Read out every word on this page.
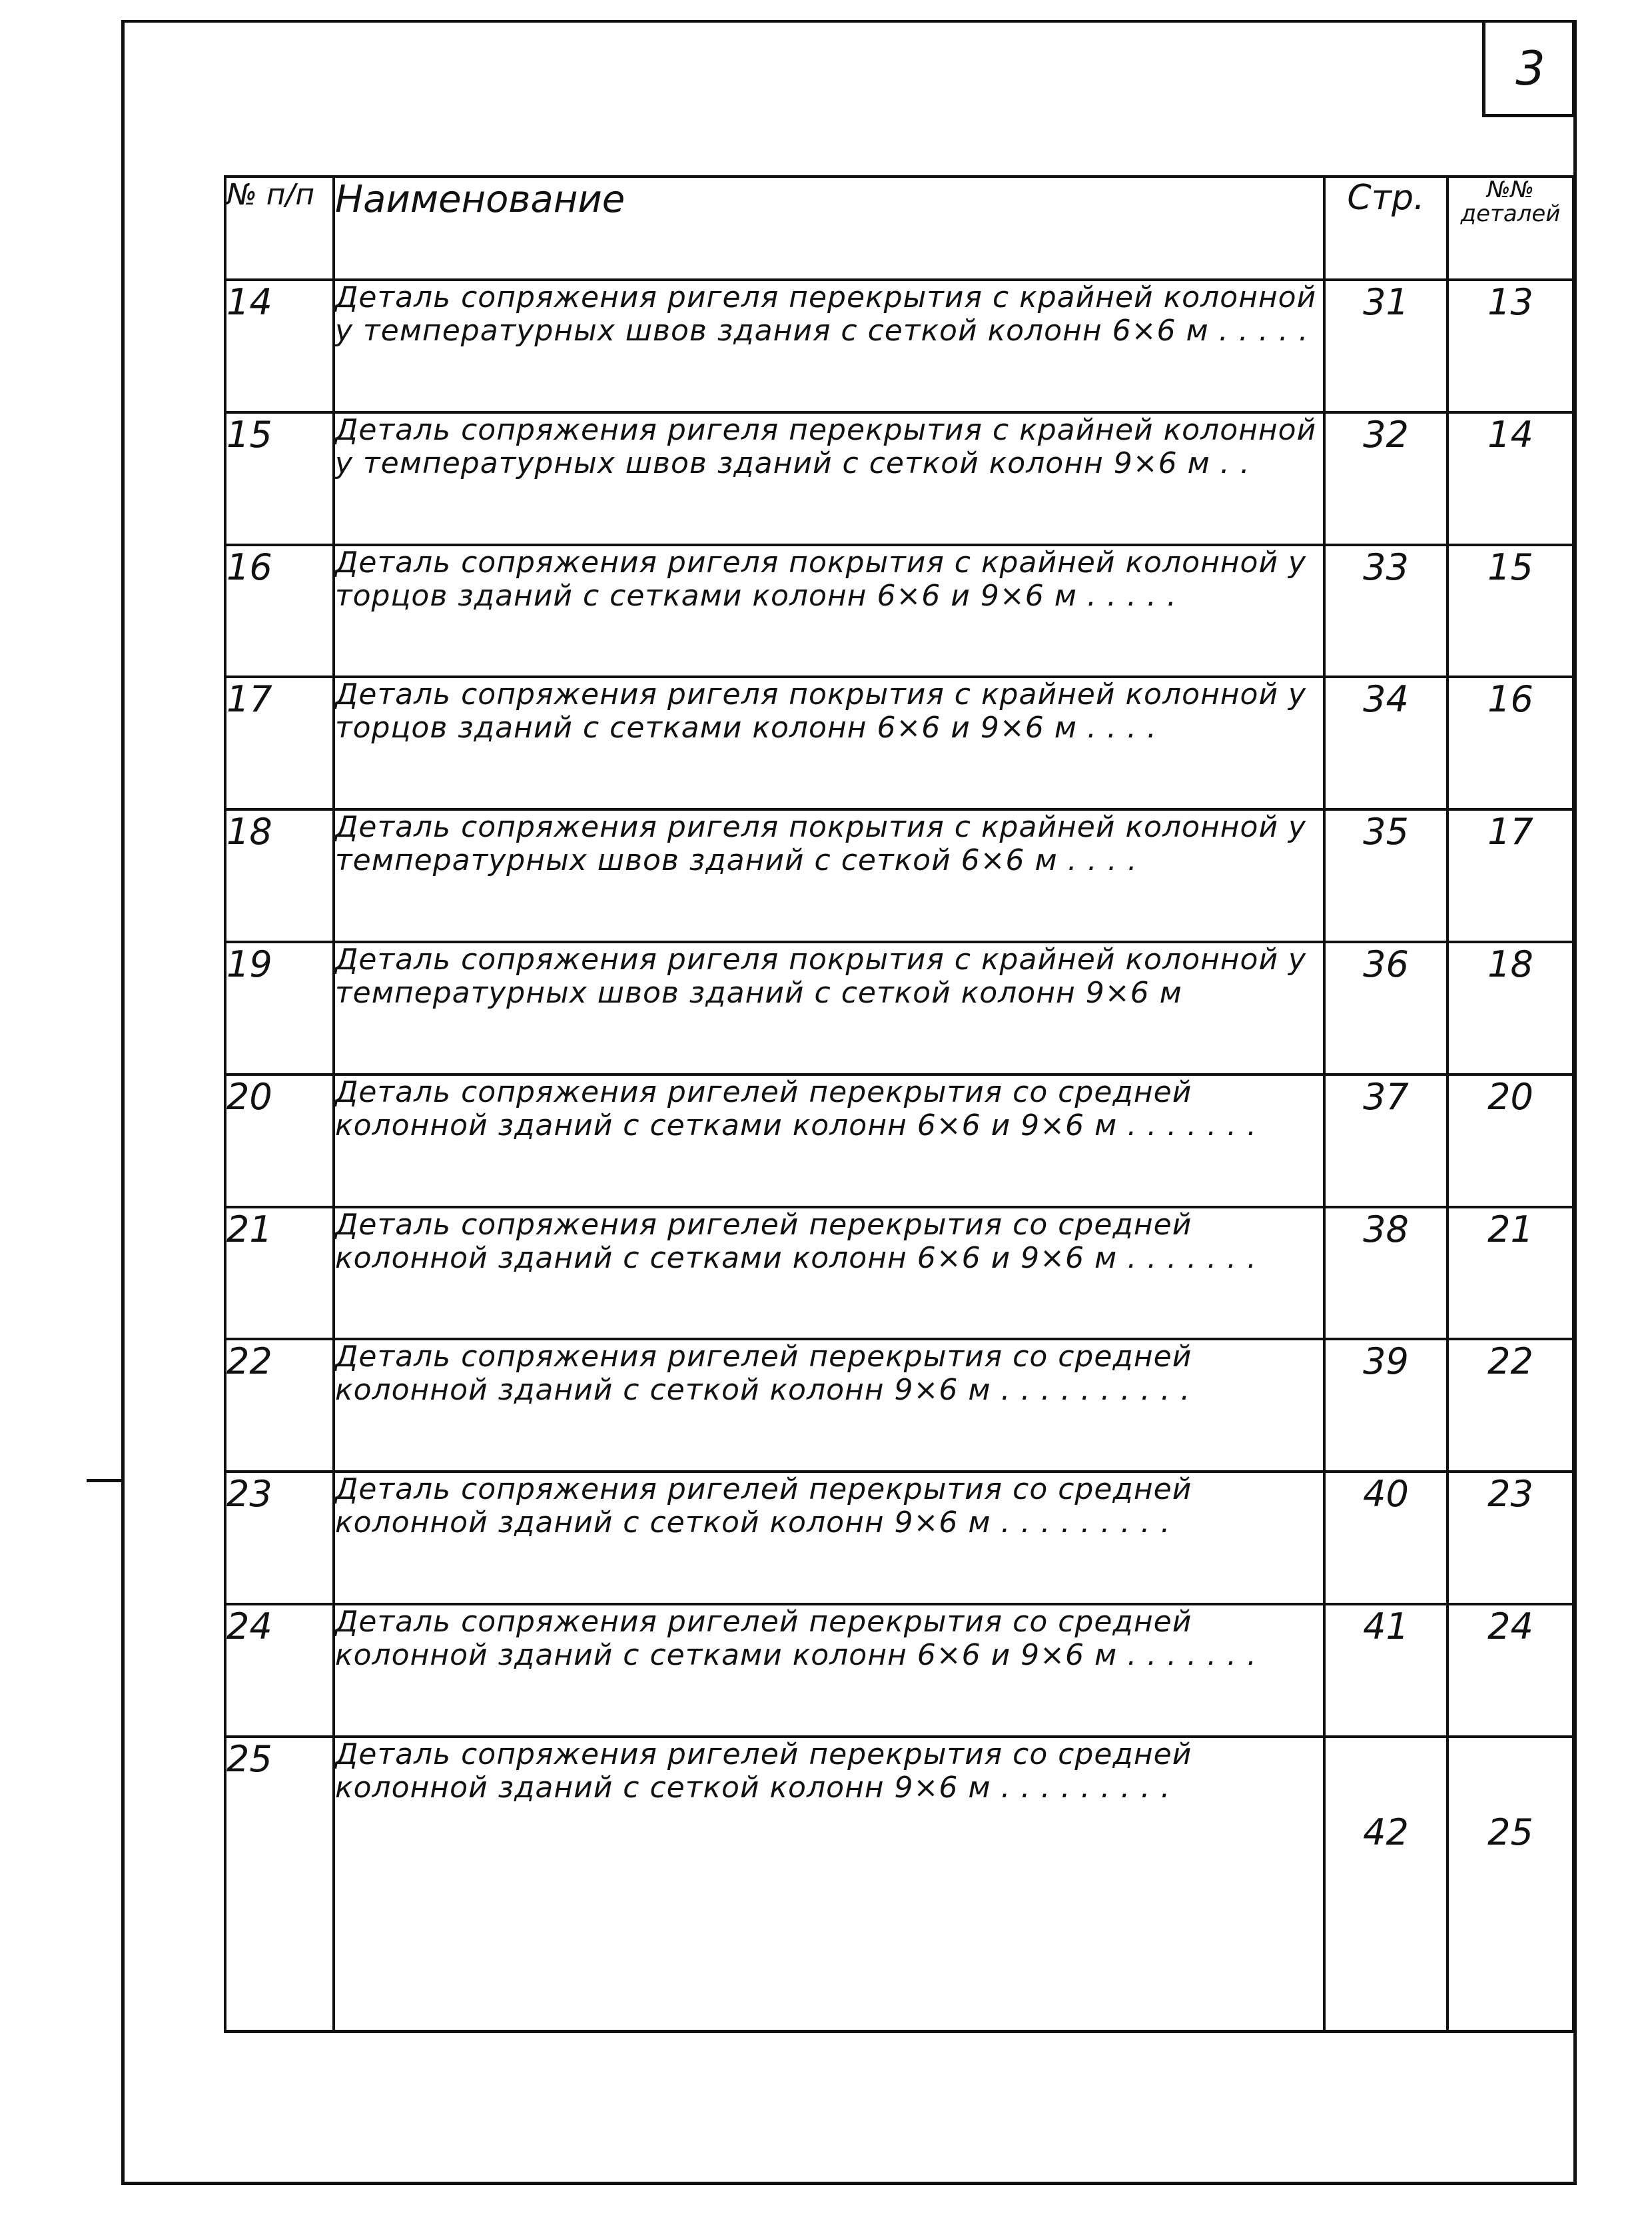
3
№ п/п	Наименование	Стр.	№№ деталей
14	Деталь сопряжения ригеля перекрытия с крайней колонной у температурных швов здания с сеткой колонн 6×6 м . . . . .	31	13
15	Деталь сопряжения ригеля перекрытия с крайней колонной у температурных швов зданий с сеткой колонн 9×6 м . .	32	14
16	Деталь сопряжения ригеля покрытия с крайней колонной у торцов зданий с сетками колонн 6×6 и 9×6 м . . . . .	33	15
17	Деталь сопряжения ригеля покрытия с крайней колонной у торцов зданий с сетками колонн 6×6 и 9×6 м . . . .	34	16
18	Деталь сопряжения ригеля покрытия с крайней колонной у температурных швов зданий с сеткой 6×6 м . . . .	35	17
19	Деталь сопряжения ригеля покрытия с крайней колонной у температурных швов зданий с сеткой колонн 9×6 м	36	18
20	Деталь сопряжения ригелей перекрытия со средней колонной зданий с сетками колонн 6×6 и 9×6 м . . . . . . .	37	20
21	Деталь сопряжения ригелей перекрытия со средней колонной зданий с сетками колонн 6×6 и 9×6 м . . . . . . .	38	21
22	Деталь сопряжения ригелей перекрытия со средней колонной зданий с сеткой колонн 9×6 м . . . . . . . . . .	39	22
23	Деталь сопряжения ригелей перекрытия со средней колонной зданий с сеткой колонн 9×6 м . . . . . . . . .	40	23
24	Деталь сопряжения ригелей перекрытия со средней колонной зданий с сетками колонн 6×6 и 9×6 м . . . . . . .	41	24
25	Деталь сопряжения ригелей перекрытия со средней колонной зданий с сеткой колонн 9×6 м . . . . . . . . .	42	25
